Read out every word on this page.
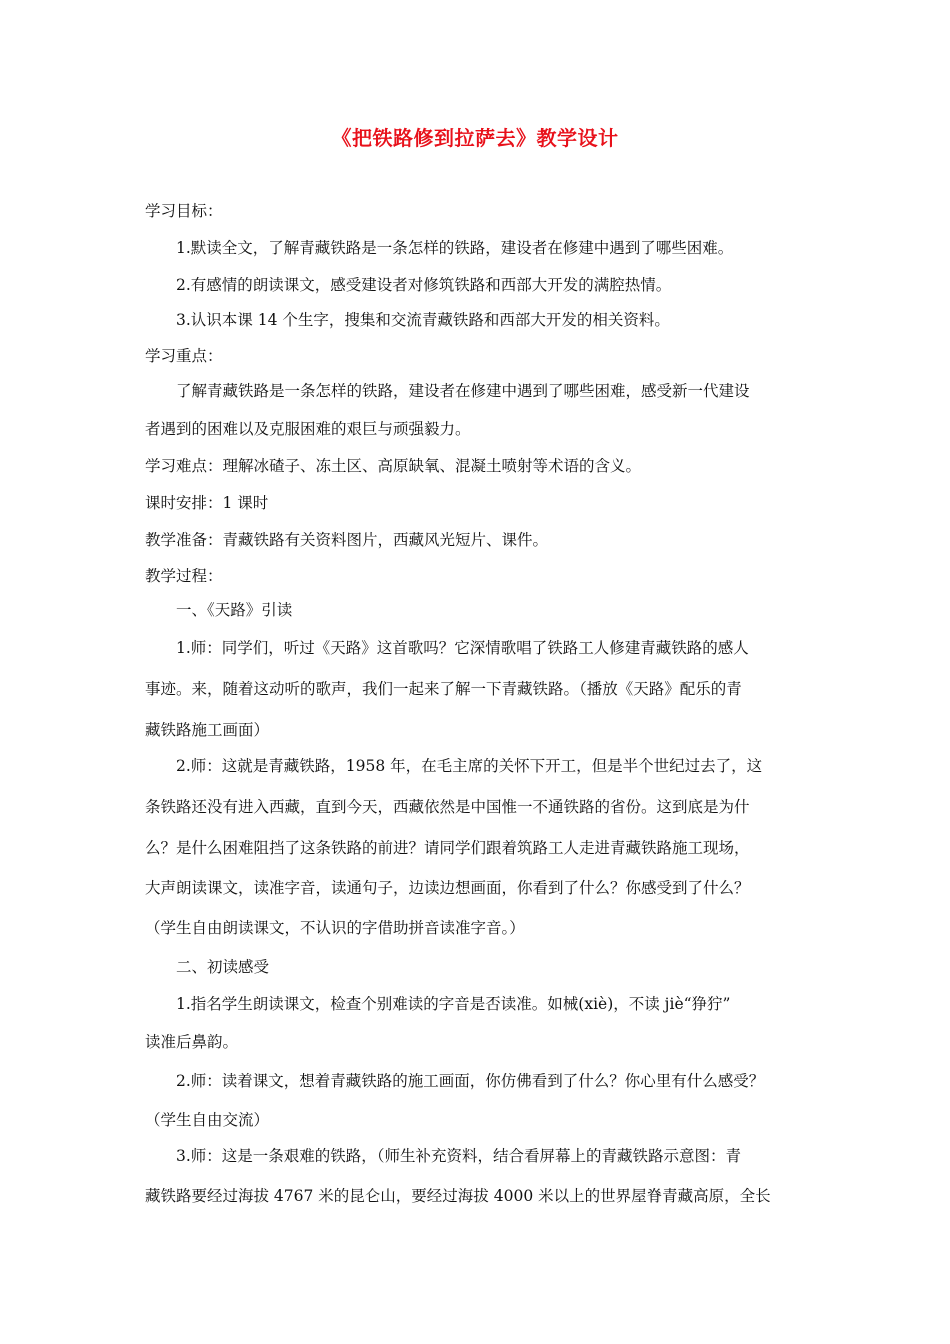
《把铁路修到拉萨去》教学设计
学习目标：
1.默读全文，了解青藏铁路是一条怎样的铁路，建设者在修建中遇到了哪些困难。
2.有感情的朗读课文，感受建设者对修筑铁路和西部大开发的满腔热情。
3.认识本课 14 个生字，搜集和交流青藏铁路和西部大开发的相关资料。
学习重点：
了解青藏铁路是一条怎样的铁路，建设者在修建中遇到了哪些困难，感受新一代建设
者遇到的困难以及克服困难的艰巨与顽强毅力。
学习难点：理解冰碴子、冻土区、高原缺氧、混凝土喷射等术语的含义。
课时安排：1 课时
教学准备：青藏铁路有关资料图片，西藏风光短片、课件。
教学过程：
一、《天路》引读
1.师：同学们，听过《天路》这首歌吗？它深情歌唱了铁路工人修建青藏铁路的感人
事迹。来，随着这动听的歌声，我们一起来了解一下青藏铁路。（播放《天路》配乐的青
藏铁路施工画面）
2.师：这就是青藏铁路，1958 年，在毛主席的关怀下开工，但是半个世纪过去了，这
条铁路还没有进入西藏，直到今天，西藏依然是中国惟一不通铁路的省份。这到底是为什
么？是什么困难阻挡了这条铁路的前进？请同学们跟着筑路工人走进青藏铁路施工现场，
大声朗读课文，读准字音，读通句子，边读边想画面，你看到了什么？你感受到了什么？
（学生自由朗读课文，不认识的字借助拼音读准字音。）
二、初读感受
1.指名学生朗读课文，检查个别难读的字音是否读准。如械(xiè)，不读 jiè“狰狞”
读准后鼻韵。
2.师：读着课文，想着青藏铁路的施工画面，你仿佛看到了什么？你心里有什么感受？
（学生自由交流）
3.师：这是一条艰难的铁路，（师生补充资料，结合看屏幕上的青藏铁路示意图：青
藏铁路要经过海拔 4767 米的昆仑山，要经过海拔 4000 米以上的世界屋脊青藏高原，全长
